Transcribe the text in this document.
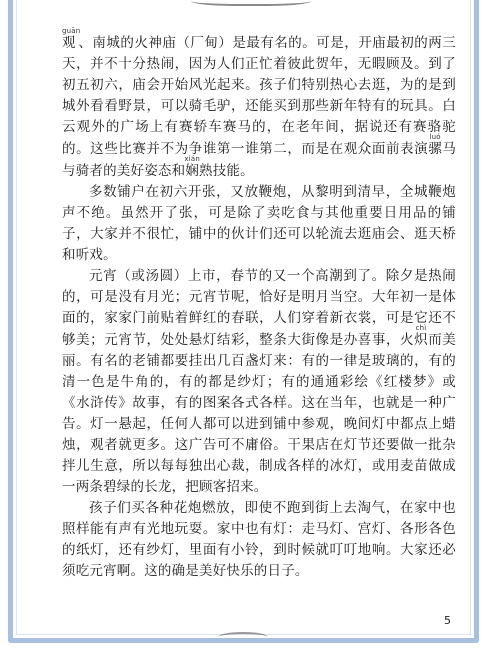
观guān、南城的火神庙（厂甸）是最有名的。可是，开庙最初的两三天，并不十分热闹，因为人们正忙着彼此贺年，无暇顾及。到了初五初六，庙会开始风光起来。孩子们特别热心去逛，为的是到城外看看野景，可以骑毛驴，还能买到那些新年特有的玩具。白云观外的广场上有赛轿车赛马的，在老年间，据说还有赛骆驼的。这些比赛并不为争谁第一谁第二，而是在观众面前表演骡luó马与骑者的美好姿态和娴xián熟技能。

多数铺户在初六开张，又放鞭炮，从黎明到清早，全城鞭炮声不绝。虽然开了张，可是除了卖吃食与其他重要日用品的铺子，大家并不很忙，铺中的伙计们还可以轮流去逛庙会、逛天桥和听戏。

元宵（或汤圆）上市，春节的又一个高潮到了。除夕是热闹的，可是没有月光；元宵节呢，恰好是明月当空。大年初一是体面的，家家门前贴着鲜红的春联，人们穿着新衣裳，可是它还不够美；元宵节，处处悬灯结彩，整条大街像是办喜事，火炽chì而美丽。有名的老铺都要挂出几百盏灯来：有的一律是玻璃的，有的清一色是牛角的，有的都是纱灯；有的通通彩绘《红楼梦》或《水浒传》故事，有的图案各式各样。这在当年，也就是一种广告。灯一悬起，任何人都可以进到铺中参观，晚间灯中都点上蜡烛，观者就更多。这广告可不庸俗。干果店在灯节还要做一批杂拌儿生意，所以每每独出心裁，制成各样的冰灯，或用麦苗做成一两条碧绿的长龙，把顾客招来。

孩子们买各种花炮燃放，即使不跑到街上去淘气，在家中也照样能有声有光地玩耍。家中也有灯：走马灯、宫灯、各形各色的纸灯，还有纱灯，里面有小铃，到时候就叮叮地响。大家还必须吃元宵啊。这的确是美好快乐的日子。

5
